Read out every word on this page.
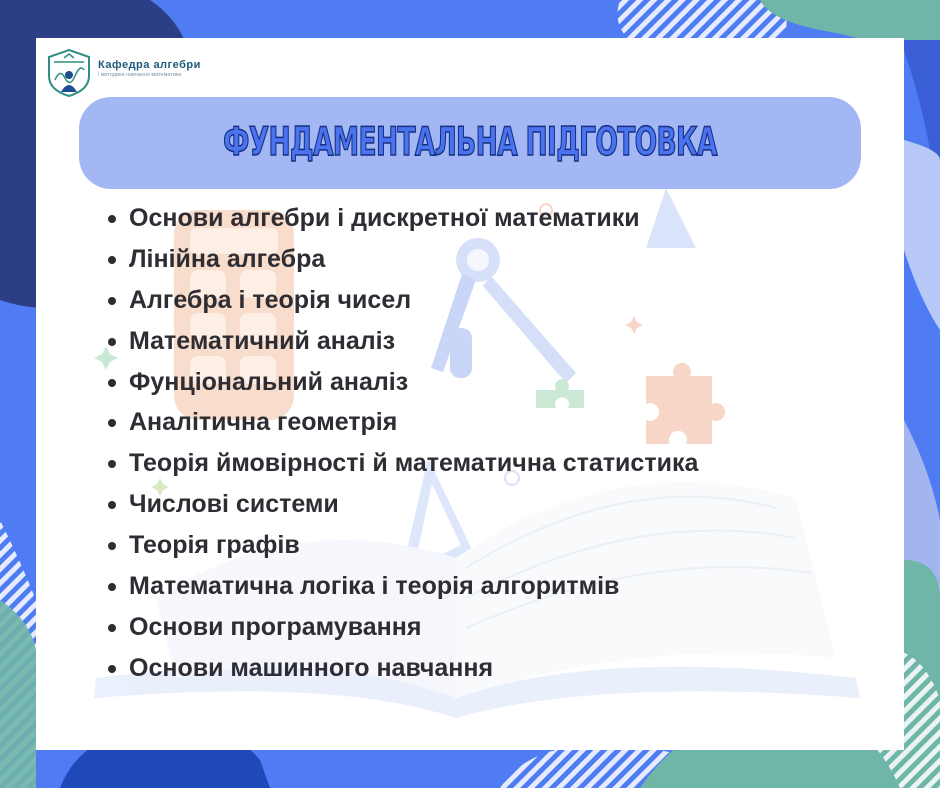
Кафедра алгебри
і методики навчання математики
ФУНДАМЕНТАЛЬНА ПІДГОТОВКА
Основи алгебри і дискретної математики
Лінійна алгебра
Алгебра і теорія чисел
Математичний аналіз
Фунціональний аналіз
Аналітична геометрія
Теорія ймовірності й математична статистика
Числові системи
Теорія графів
Математична логіка і теорія алгоритмів
Основи програмування
Основи машинного навчання
